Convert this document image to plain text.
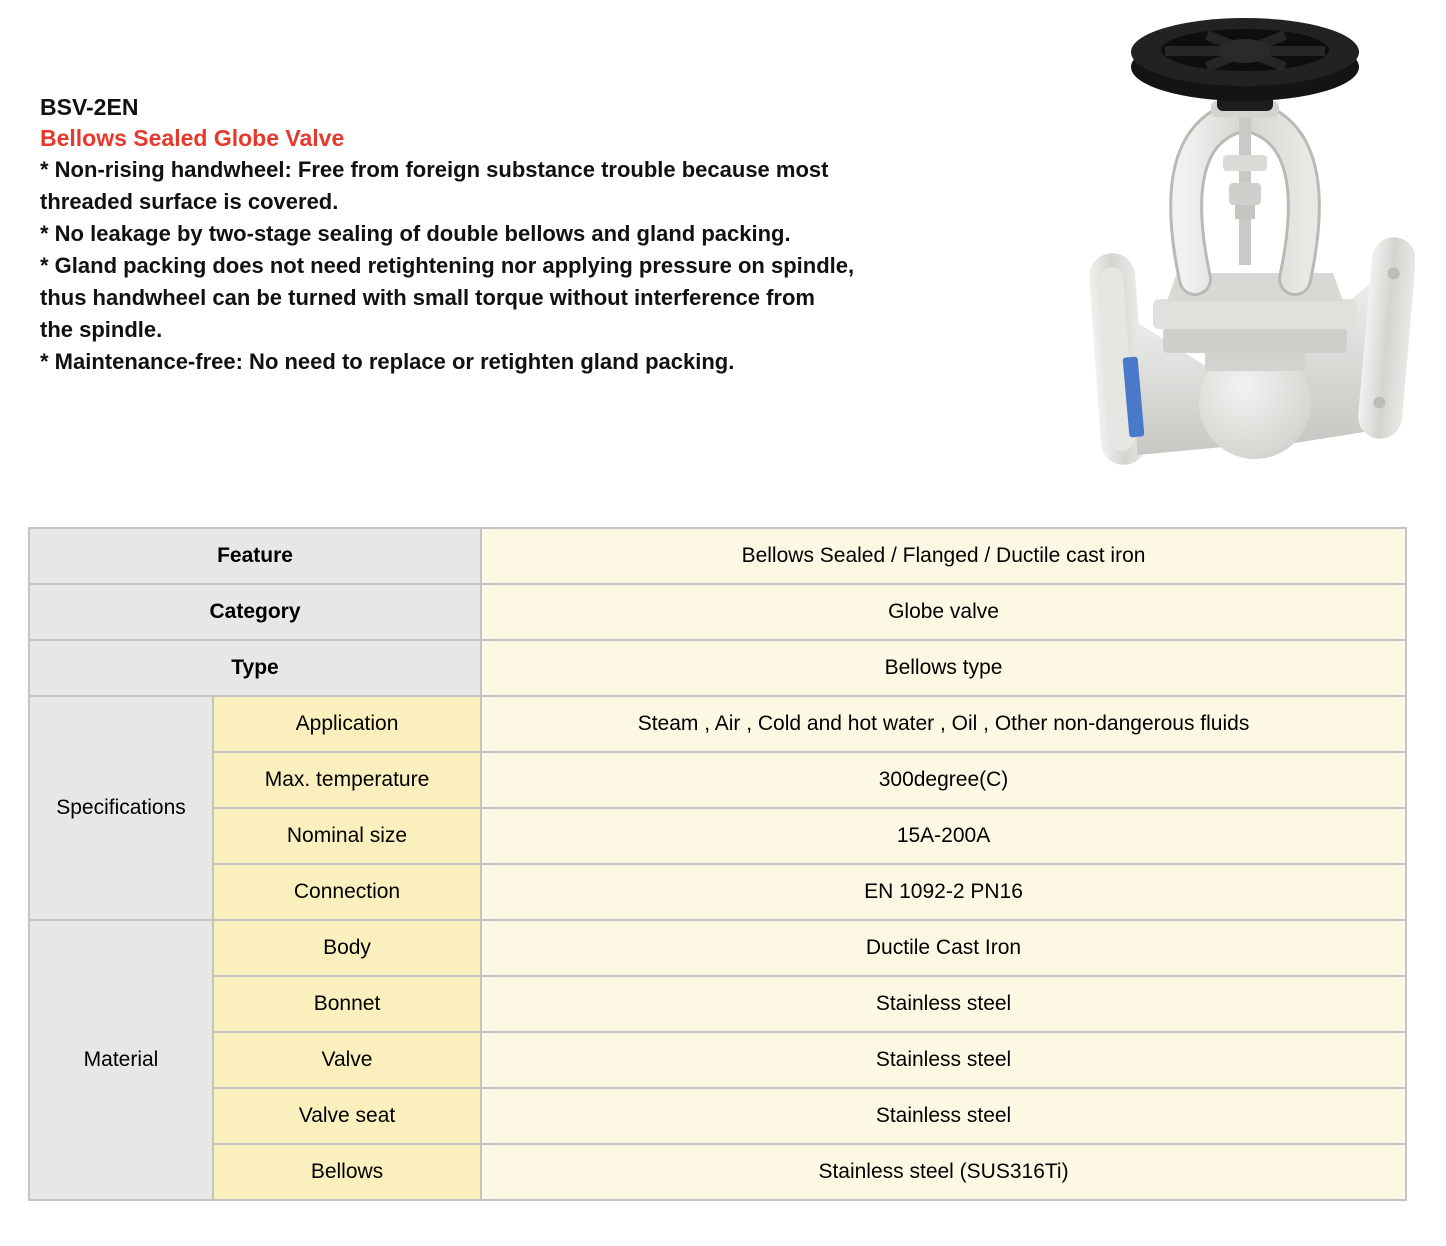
BSV-2EN
Bellows Sealed Globe Valve
* Non-rising handwheel: Free from foreign substance trouble because most
threaded surface is covered.
* No leakage by two-stage sealing of double bellows and gland packing.
* Gland packing does not need retightening nor applying pressure on spindle,
thus handwheel can be turned with small torque without interference from
the spindle.
* Maintenance-free: No need to replace or retighten gland packing.
Feature		Bellows Sealed / Flanged / Ductile cast iron
Category		Globe valve
Type		Bellows type
Specifications	Application	Steam , Air , Cold and hot water , Oil , Other non-dangerous fluids
	Max. temperature	300degree(C)
	Nominal size	15A-200A
	Connection	EN 1092-2 PN16
Material	Body	Ductile Cast Iron
	Bonnet	Stainless steel
	Valve	Stainless steel
	Valve seat	Stainless steel
	Bellows	Stainless steel (SUS316Ti)
